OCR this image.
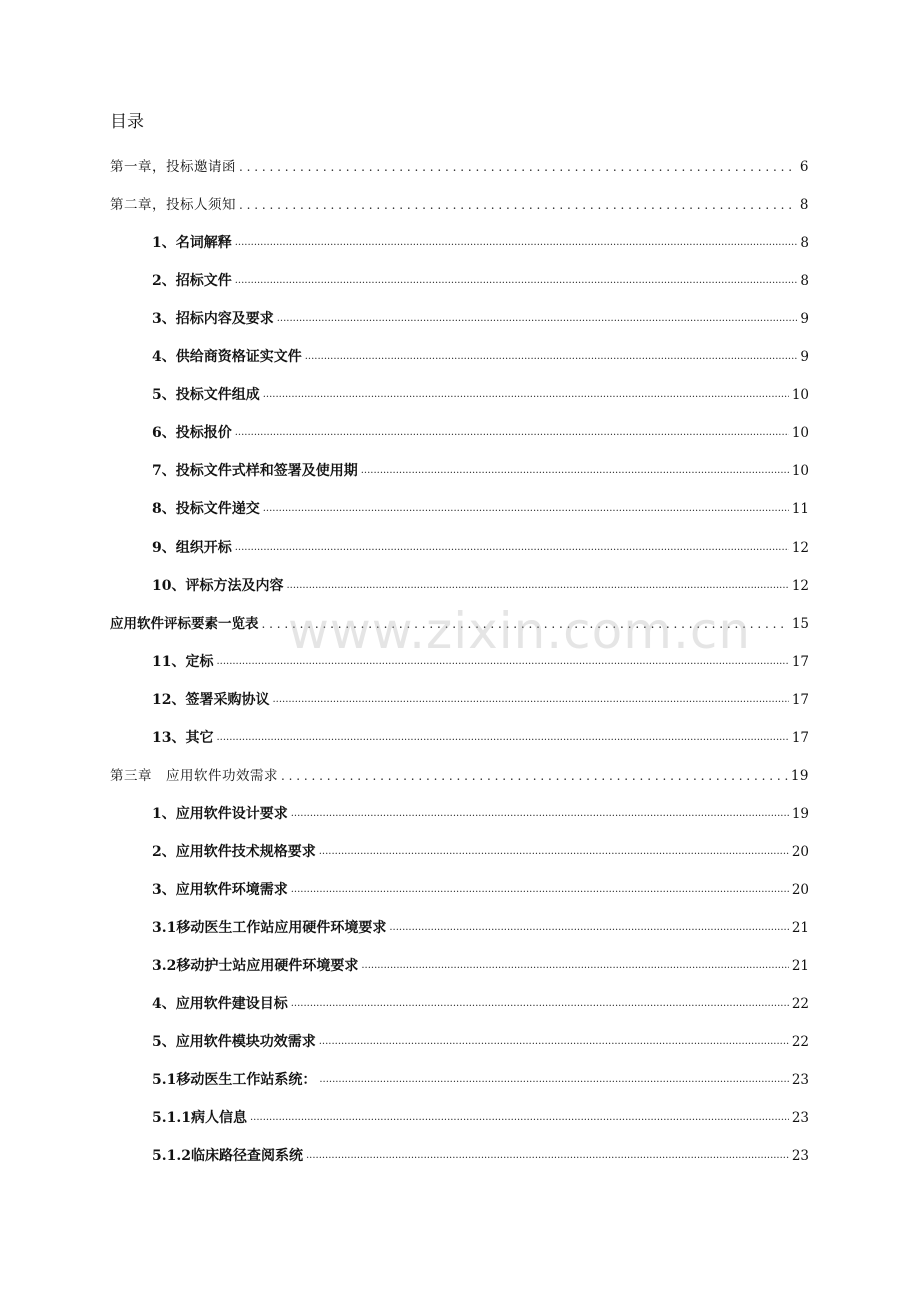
目录
第一章，投标邀请函 . . .	6
第二章，投标人须知 . . .	8
1、名词解释 .....	8
2、招标文件 .....	8
3、招标内容及要求 .....	9
4、供给商资格证实文件 .....	9
5、投标文件组成 .....	10
6、投标报价 .....	10
7、投标文件式样和签署及使用期 .....	10
8、投标文件递交 .....	11
9、组织开标 .....	12
10、评标方法及内容 .....	12
应用软件评标要素一览表 . . .	15
11、定标 .....	17
12、签署采购协议 .....	17
13、其它 .....	17
第三章　应用软件功效需求 . . .	19
1、应用软件设计要求 .....	19
2、应用软件技术规格要求 .....	20
3、应用软件环境需求 .....	20
3.1移动医生工作站应用硬件环境要求 .....	21
3.2移动护士站应用硬件环境要求 .....	21
4、应用软件建设目标 .....	22
5、应用软件模块功效需求 .....	22
5.1移动医生工作站系统： .....	23
5.1.1病人信息 .....	23
5.1.2临床路径查阅系统 .....	23
www.zixin.com.cn
